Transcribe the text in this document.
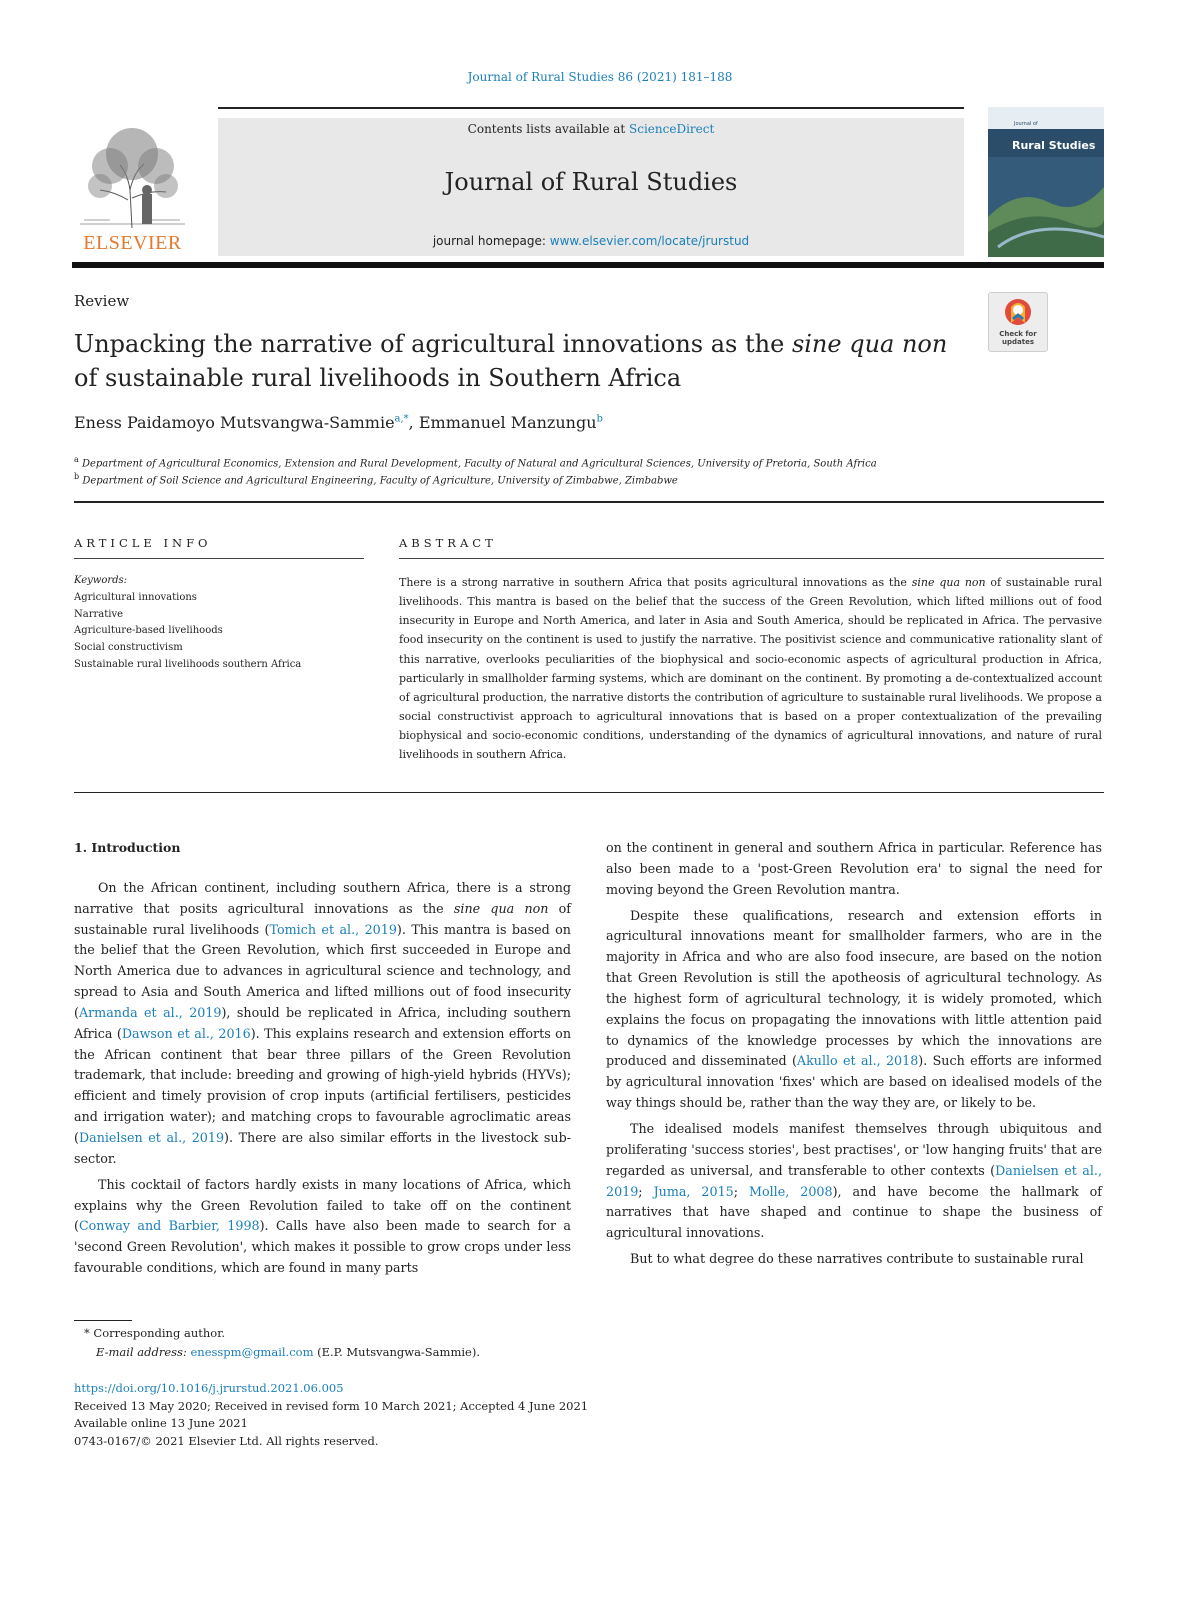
Journal of Rural Studies 86 (2021) 181–188
ELSEVIER
Contents lists available at ScienceDirect
Journal of Rural Studies
journal homepage: www.elsevier.com/locate/jrurstud
Journal of
Rural Studies
Review
Check for updates
Unpacking the narrative of agricultural innovations as the sine qua non of sustainable rural livelihoods in Southern Africa
Eness Paidamoyo Mutsvangwa-Sammie$^{a,*}$, Emmanuel Manzungu$^b$
$^a$ Department of Agricultural Economics, Extension and Rural Development, Faculty of Natural and Agricultural Sciences, University of Pretoria, South Africa
$^b$ Department of Soil Science and Agricultural Engineering, Faculty of Agriculture, University of Zimbabwe, Zimbabwe
ARTICLE INFO	ABSTRACT
Keywords:
Agricultural innovations
Narrative
Agriculture-based livelihoods
Social constructivism
Sustainable rural livelihoods southern Africa
There is a strong narrative in southern Africa that posits agricultural innovations as the sine qua non of sustainable rural livelihoods. This mantra is based on the belief that the success of the Green Revolution, which lifted millions out of food insecurity in Europe and North America, and later in Asia and South America, should be replicated in Africa. The pervasive food insecurity on the continent is used to justify the narrative. The positivist science and communicative rationality slant of this narrative, overlooks peculiarities of the biophysical and socio-economic aspects of agricultural production in Africa, particularly in smallholder farming systems, which are dominant on the continent. By promoting a de-contextualized account of agricultural production, the narrative distorts the contribution of agriculture to sustainable rural livelihoods. We propose a social constructivist approach to agricultural innovations that is based on a proper contextualization of the prevailing biophysical and socio-economic conditions, understanding of the dynamics of agricultural innovations, and nature of rural livelihoods in southern Africa.

1. Introduction

On the African continent, including southern Africa, there is a strong narrative that posits agricultural innovations as the sine qua non of sustainable rural livelihoods (Tomich et al., 2019). This mantra is based on the belief that the Green Revolution, which first succeeded in Europe and North America due to advances in agricultural science and technology, and spread to Asia and South America and lifted millions out of food insecurity (Armanda et al., 2019), should be replicated in Africa, including southern Africa (Dawson et al., 2016). This explains research and extension efforts on the African continent that bear three pillars of the Green Revolution trademark, that include: breeding and growing of high-yield hybrids (HYVs); efficient and timely provision of crop inputs (artificial fertilisers, pesticides and irrigation water); and matching crops to favourable agroclimatic areas (Danielsen et al., 2019). There are also similar efforts in the livestock sub-sector.

This cocktail of factors hardly exists in many locations of Africa, which explains why the Green Revolution failed to take off on the continent (Conway and Barbier, 1998). Calls have also been made to search for a 'second Green Revolution', which makes it possible to grow crops under less favourable conditions, which are found in many parts

on the continent in general and southern Africa in particular. Reference has also been made to a 'post-Green Revolution era' to signal the need for moving beyond the Green Revolution mantra.

Despite these qualifications, research and extension efforts in agricultural innovations meant for smallholder farmers, who are in the majority in Africa and who are also food insecure, are based on the notion that Green Revolution is still the apotheosis of agricultural technology. As the highest form of agricultural technology, it is widely promoted, which explains the focus on propagating the innovations with little attention paid to dynamics of the knowledge processes by which the innovations are produced and disseminated (Akullo et al., 2018). Such efforts are informed by agricultural innovation 'fixes' which are based on idealised models of the way things should be, rather than the way they are, or likely to be.

The idealised models manifest themselves through ubiquitous and proliferating 'success stories', best practises', or 'low hanging fruits' that are regarded as universal, and transferable to other contexts (Danielsen et al., 2019; Juma, 2015; Molle, 2008), and have become the hallmark of narratives that have shaped and continue to shape the business of agricultural innovations.

But to what degree do these narratives contribute to sustainable rural

* Corresponding author.
E-mail address: enesspm@gmail.com (E.P. Mutsvangwa-Sammie).
https://doi.org/10.1016/j.jrurstud.2021.06.005
Received 13 May 2020; Received in revised form 10 March 2021; Accepted 4 June 2021
Available online 13 June 2021
0743-0167/© 2021 Elsevier Ltd. All rights reserved.
